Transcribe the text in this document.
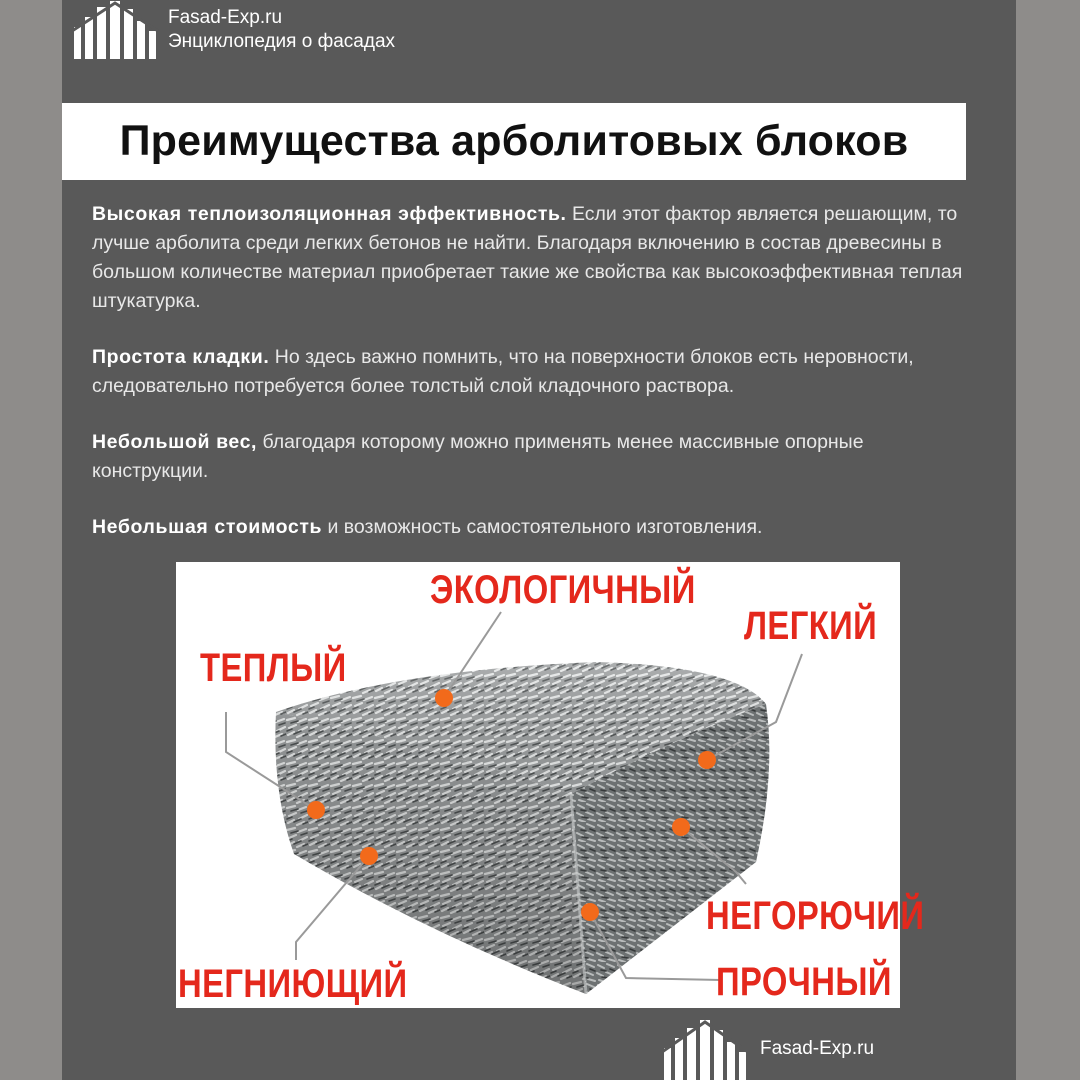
Fasad-Exp.ru
Энциклопедия о фасадах
Преимущества арболитовых блоков

Высокая теплоизоляционная эффективность. Если этот фактор является решающим, то лучше арболита среди легких бетонов не найти. Благодаря включению в состав древесины в большом количестве материал приобретает такие же свойства как высокоэффективная теплая штукатурка.

Простота кладки. Но здесь важно помнить, что на поверхности блоков есть неровности, следовательно потребуется более толстый слой кладочного раствора.

Небольшой вес, благодаря которому можно применять менее массивные опорные конструкции.

Небольшая стоимость и возможность самостоятельного изготовления.

ЭКОЛОГИЧНЫЙ
ЛЕГКИЙ
ТЕПЛЫЙ
НЕГОРЮЧИЙ
НЕГНИЮЩИЙ	ПРОЧНЫЙ
Fasad-Exp.ru
